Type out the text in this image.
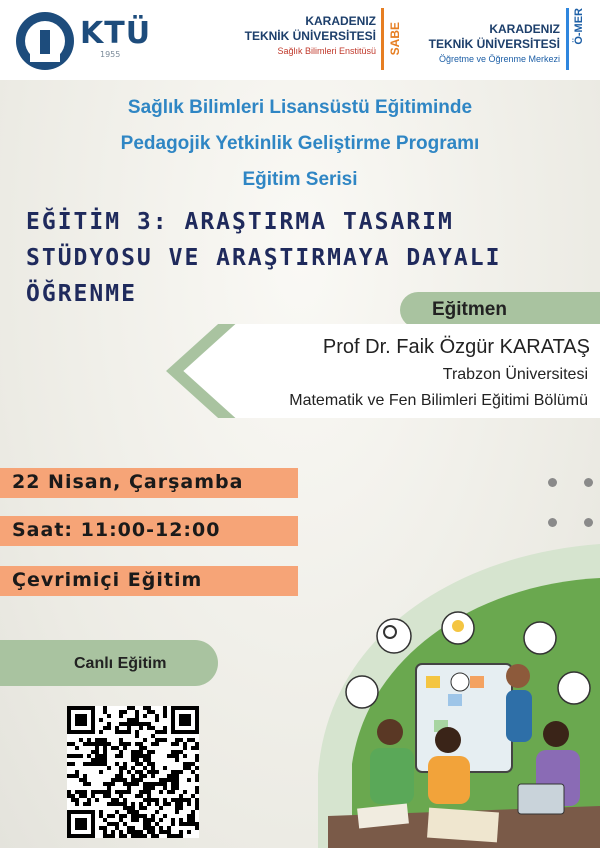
KTÜ
1955
KARADENIZ
TEKNİK ÜNİVERSİTESİ
Sağlık Bilimleri Enstitüsü SABE	KARADENIZ
TEKNİK ÜNİVERSİTESİ
Öğretme ve Öğrenme Merkezi
Ö-MER
Sağlık Bilimleri Lisansüstü Eğitiminde
Pedagojik Yetkinlik Geliştirme Programı
Eğitim Serisi
EĞİTİM 3: ARAŞTIRMA TASARIM
STÜDYOSU VE ARAŞTIRMAYA DAYALI
ÖĞRENME
Eğitmen
Prof Dr. Faik Özgür KARATAŞ
Trabzon Üniversitesi
Matematik ve Fen Bilimleri Eğitimi Bölümü
22 Nisan, Çarşamba
Saat: 11:00-12:00
Çevrimiçi Eğitim
Canlı Eğitim
